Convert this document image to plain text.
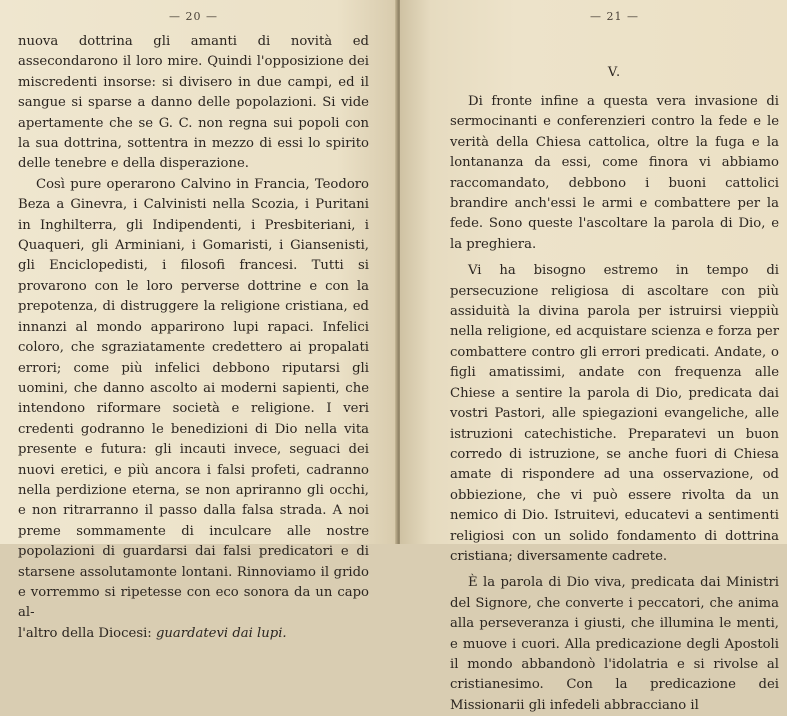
— 20 —

nuova dottrina gli amanti di novità ed assecondarono il loro mire. Quindi l'opposizione dei miscredenti insorse: si divisero in due campi, ed il sangue si sparse a danno delle popolazioni. Si vide apertamente che se G. C. non regna sui popoli con la sua dottrina, sottentra in mezzo di essi lo spirito delle tenebre e della disperazione.

Così pure operarono Calvino in Francia, Teodoro Beza a Ginevra, i Calvinisti nella Scozia, i Puritani in Inghilterra, gli Indipendenti, i Presbiteriani, i Quaqueri, gli Arminiani, i Gomaristi, i Giansenisti, gli Enciclopedisti, i filosofi francesi. Tutti si provarono con le loro perverse dottrine e con la prepotenza, di distruggere la religione cristiana, ed innanzi al mondo apparirono lupi rapaci. Infelici coloro, che sgraziatamente credettero ai propalati errori; come più infelici debbono riputarsi gli uomini, che danno ascolto ai moderni sapienti, che intendono riformare società e religione. I veri credenti godranno le benedizioni di Dio nella vita presente e futura: gli incauti invece, seguaci dei nuovi eretici, e più ancora i falsi profeti, cadranno nella perdizione eterna, se non apriranno gli occhi, e non ritrarranno il passo dalla falsa strada. A noi preme sommamente di inculcare alle nostre popolazioni di guardarsi dai falsi predicatori e di starsene assolutamonte lontani. Rinnoviamo il grido e vorremmo si ripetesse con eco sonora da un capo al-

l'altro della Diocesi: guardatevi dai lupi.

— 21 —
V.

Di fronte infine a questa vera invasione di sermocinanti e conferenzieri contro la fede e le verità della Chiesa cattolica, oltre la fuga e la lontananza da essi, come finora vi abbiamo raccomandato, debbono i buoni cattolici brandire anch'essi le armi e combattere per la fede. Sono queste l'ascoltare la parola di Dio, e la preghiera.

Vi ha bisogno estremo in tempo di persecuzione religiosa di ascoltare con più assiduità la divina parola per istruirsi vieppiù nella religione, ed acquistare scienza e forza per combattere contro gli errori predicati. Andate, o figli amatissimi, andate con frequenza alle Chiese a sentire la parola di Dio, predicata dai vostri Pastori, alle spiegazioni evangeliche, alle istruzioni catechistiche. Preparatevi un buon corredo di istruzione, se anche fuori di Chiesa amate di rispondere ad una osservazione, od obbiezione, che vi può essere rivolta da un nemico di Dio. Istruitevi, educatevi a sentimenti religiosi con un solido fondamento di dottrina cristiana; diversamente cadrete.

È la parola di Dio viva, predicata dai Ministri del Signore, che converte i peccatori, che anima alla perseveranza i giusti, che illumina le menti, e muove i cuori. Alla predicazione degli Apostoli il mondo abbandonò l'idolatria e si rivolse al cristianesimo. Con la predicazione dei Missionarii gli infedeli abbracciano il
